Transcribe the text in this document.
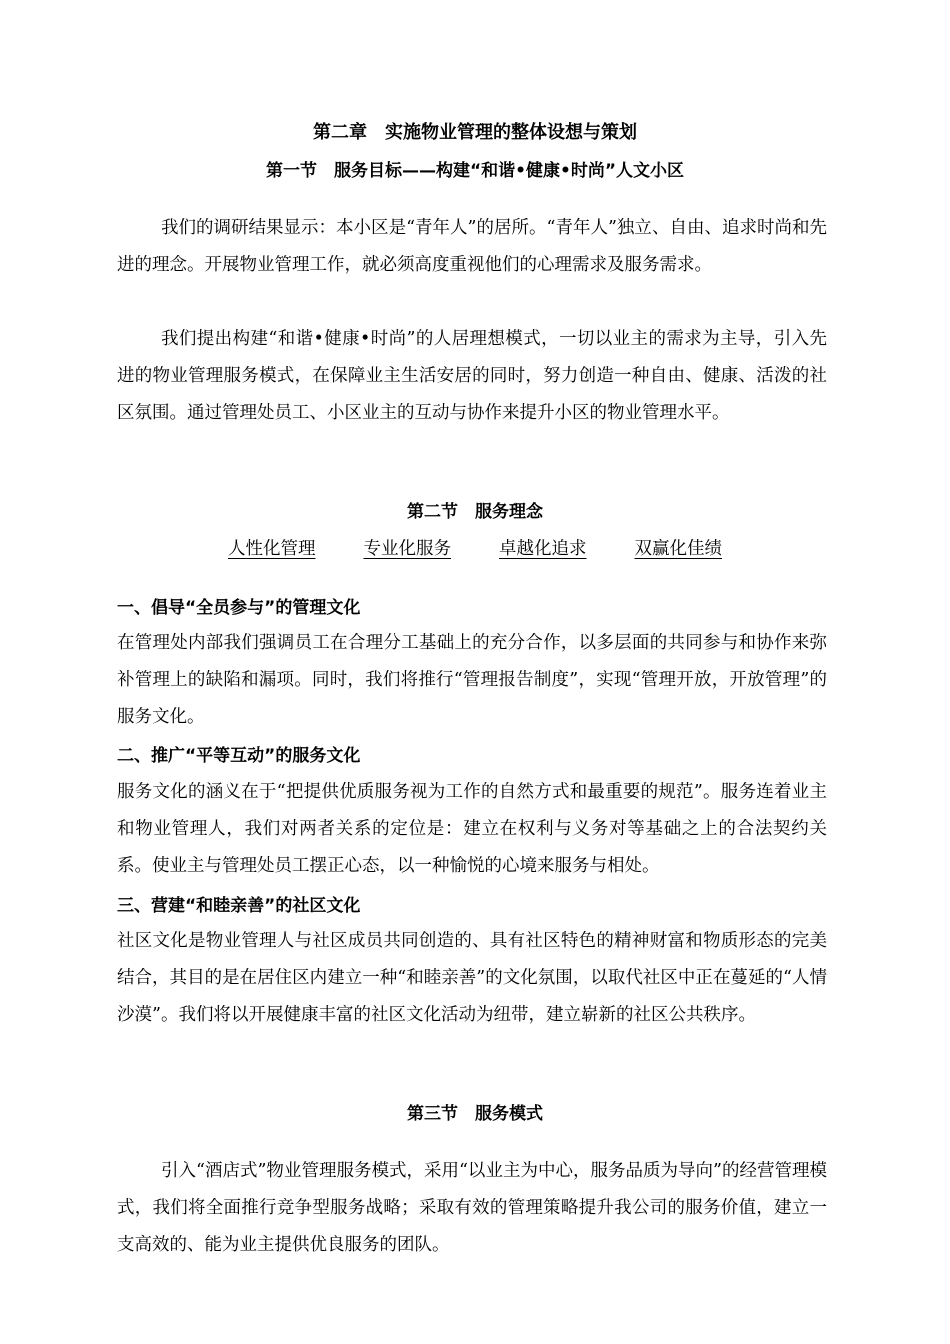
第二章　实施物业管理的整体设想与策划
第一节　服务目标——构建“和谐•健康•时尚”人文小区

我们的调研结果显示：本小区是“青年人”的居所。“青年人”独立、自由、追求时尚和先进的理念。开展物业管理工作，就必须高度重视他们的心理需求及服务需求。

我们提出构建“和谐•健康•时尚”的人居理想模式，一切以业主的需求为主导，引入先进的物业管理服务模式，在保障业主生活安居的同时，努力创造一种自由、健康、活泼的社区氛围。通过管理处员工、小区业主的互动与协作来提升小区的物业管理水平。

第二节　服务理念
人性化管理	专业化服务	卓越化追求	双赢化佳绩
一、倡导“全员参与”的管理文化

在管理处内部我们强调员工在合理分工基础上的充分合作，以多层面的共同参与和协作来弥补管理上的缺陷和漏项。同时，我们将推行“管理报告制度”，实现“管理开放，开放管理”的服务文化。

二、推广“平等互动”的服务文化

服务文化的涵义在于“把提供优质服务视为工作的自然方式和最重要的规范”。服务连着业主和物业管理人，我们对两者关系的定位是：建立在权利与义务对等基础之上的合法契约关系。使业主与管理处员工摆正心态，以一种愉悦的心境来服务与相处。

三、营建“和睦亲善”的社区文化

社区文化是物业管理人与社区成员共同创造的、具有社区特色的精神财富和物质形态的完美结合，其目的是在居住区内建立一种“和睦亲善”的文化氛围，以取代社区中正在蔓延的“人情沙漠”。我们将以开展健康丰富的社区文化活动为纽带，建立崭新的社区公共秩序。

第三节　服务模式

引入“酒店式”物业管理服务模式，采用“以业主为中心，服务品质为导向”的经营管理模式，我们将全面推行竞争型服务战略；采取有效的管理策略提升我公司的服务价值，建立一支高效的、能为业主提供优良服务的团队。
